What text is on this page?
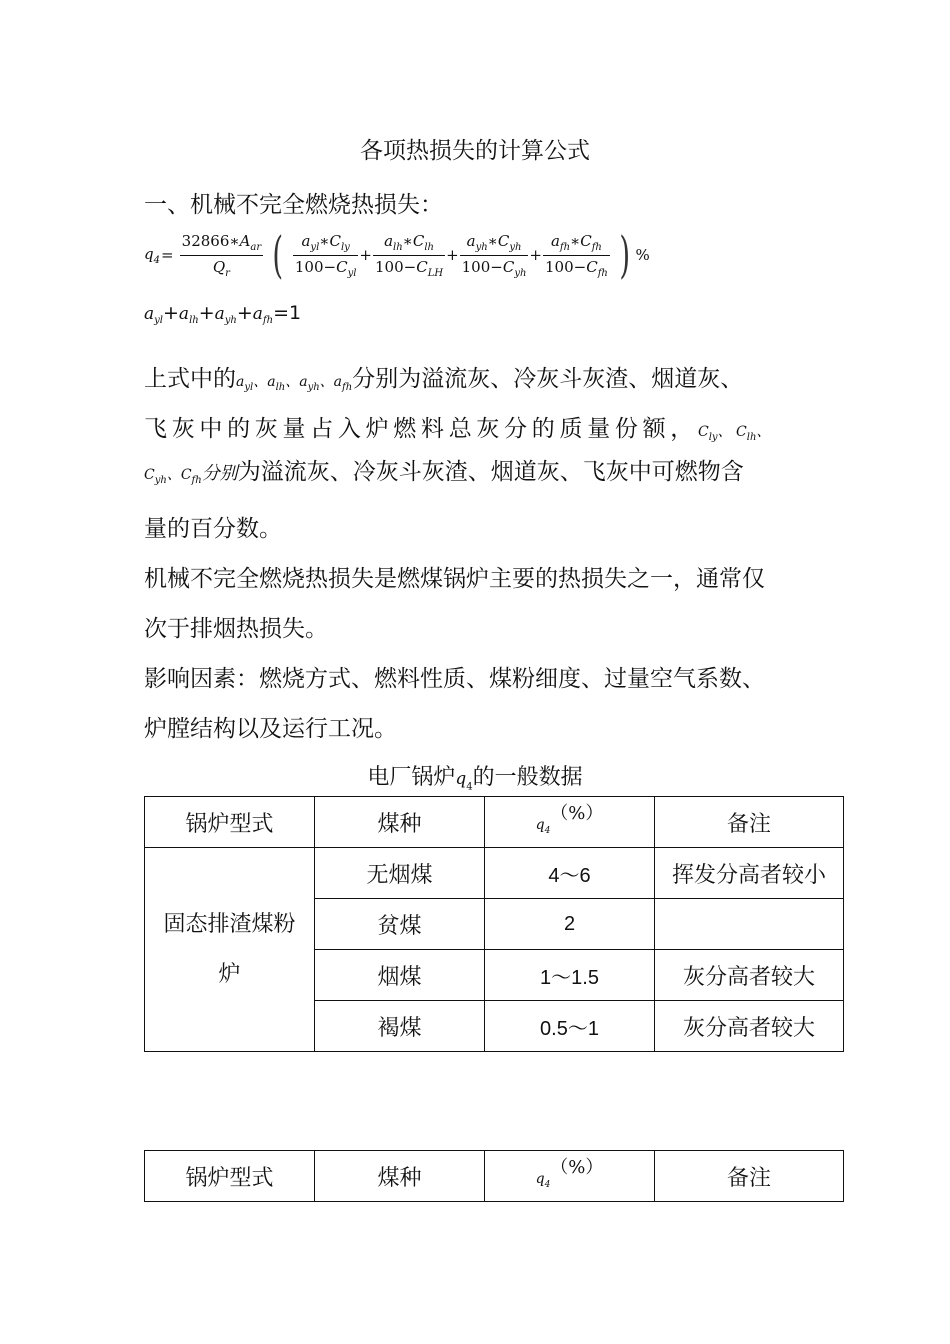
各项热损失的计算公式
一、机械不完全燃烧热损失：
$q_4= \frac{32866∗A_{ar}}{Q_r}$ ( $\frac{a_{yl}∗C_{ly}}{100-C_{yl}} + \frac{a_{lh}∗C_{lh}}{100-C_{LH}} + \frac{a_{yh}∗C_{yh}}{100-C_{yh}} + \frac{a_{fh}∗C_{fh}}{100-C_{fh}}$ ) %
$a_{yl}+a_{lh}+a_{yh}+a_{fh}=1$
上式中的$a_{yl}$、$a_{lh}$、$a_{yh}$、$a_{fh}$分别为溢流灰、冷灰斗灰渣、烟道灰、
飞灰中的灰量占入炉燃料总灰分的质量份额，$C_{ly}$、 $C_{lh}$、
$C_{yh}$、$C_{fh}$分别为溢流灰、冷灰斗灰渣、烟道灰、飞灰中可燃物含
量的百分数。
机械不完全燃烧热损失是燃煤锅炉主要的热损失之一，通常仅
次于排烟热损失。
影响因素：燃烧方式、燃料性质、煤粉细度、过量空气系数、
炉膛结构以及运行工况。
电厂锅炉$q_4$的一般数据
锅炉型式	煤种	$q_4^{(\%)}$	备注
固态排渣煤粉
炉	无烟煤	4～6	挥发分高者较小
	贫煤	2	
	烟煤	1～1.5	灰分高者较大
	褐煤	0.5～1	灰分高者较大
锅炉型式	煤种	$q_4^{(\%)}$	备注
